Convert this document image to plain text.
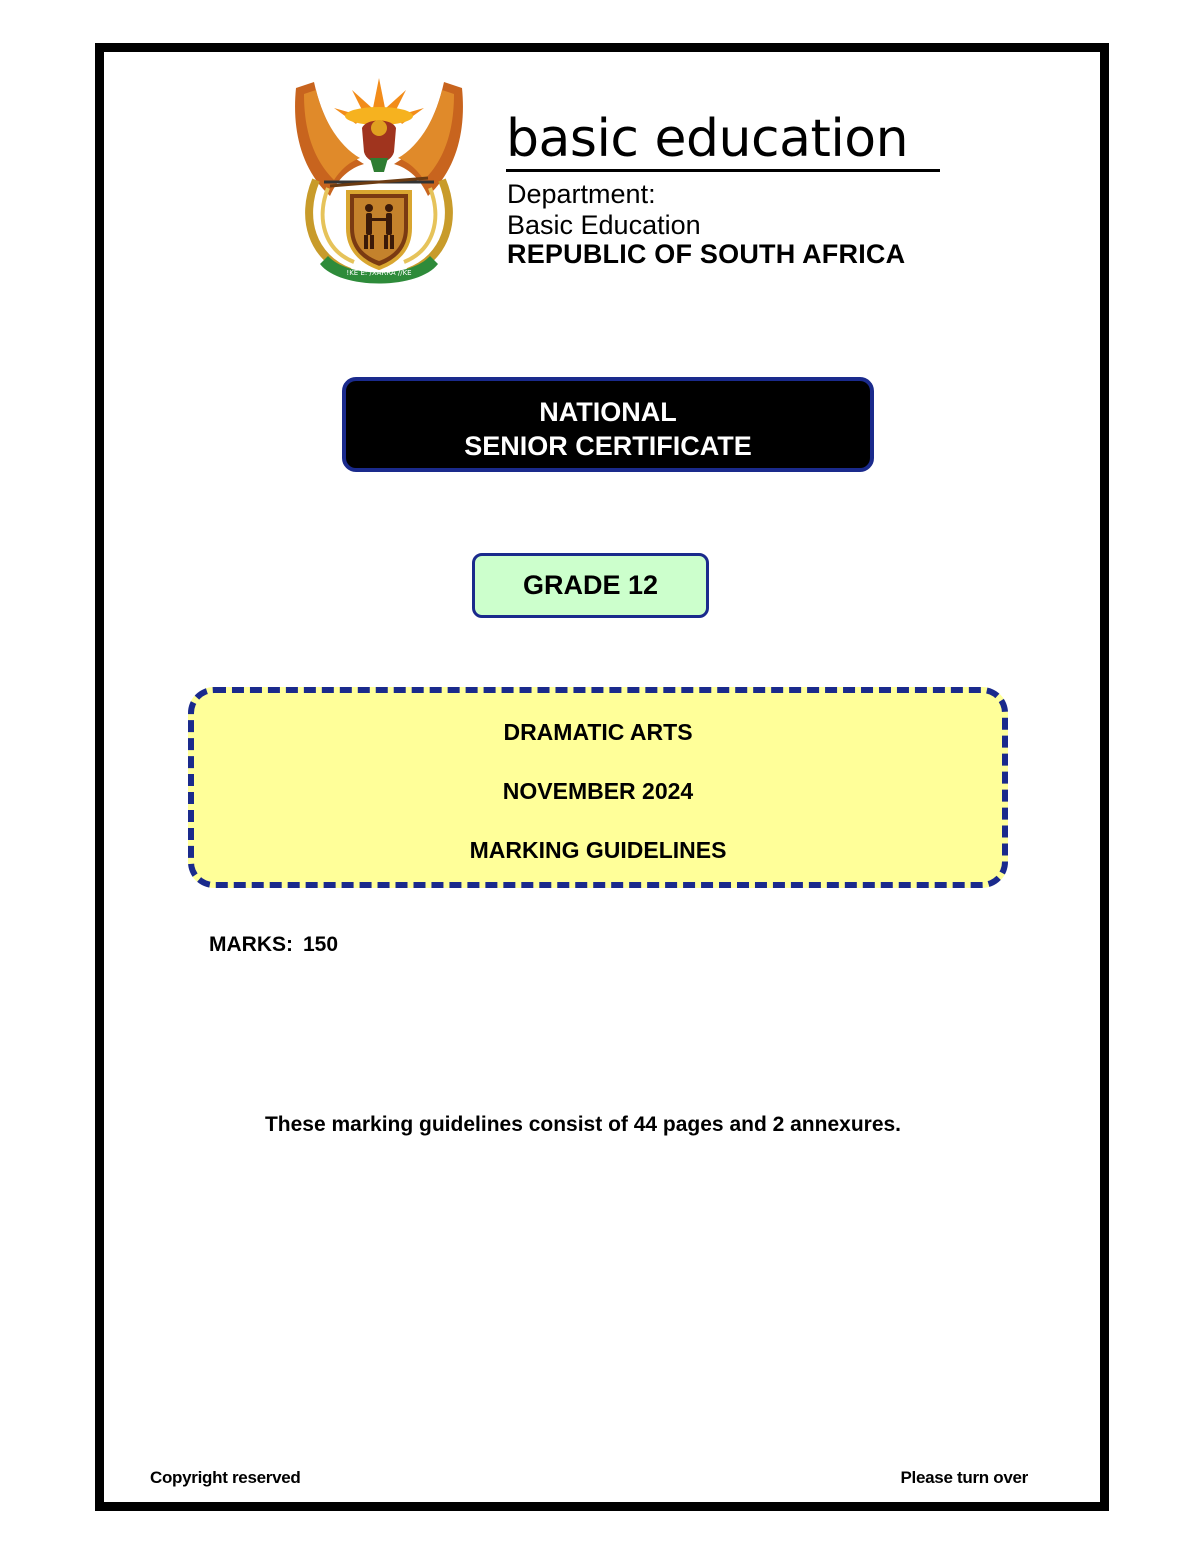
!KE E: /XARRA //KE
basic education
Department:
Basic Education
REPUBLIC OF SOUTH AFRICA
NATIONAL
SENIOR CERTIFICATE
GRADE 12
DRAMATIC ARTS
NOVEMBER 2024
MARKING GUIDELINES
MARKS: 150
These marking guidelines consist of 44 pages and 2 annexures.
Copyright reserved	Please turn over
